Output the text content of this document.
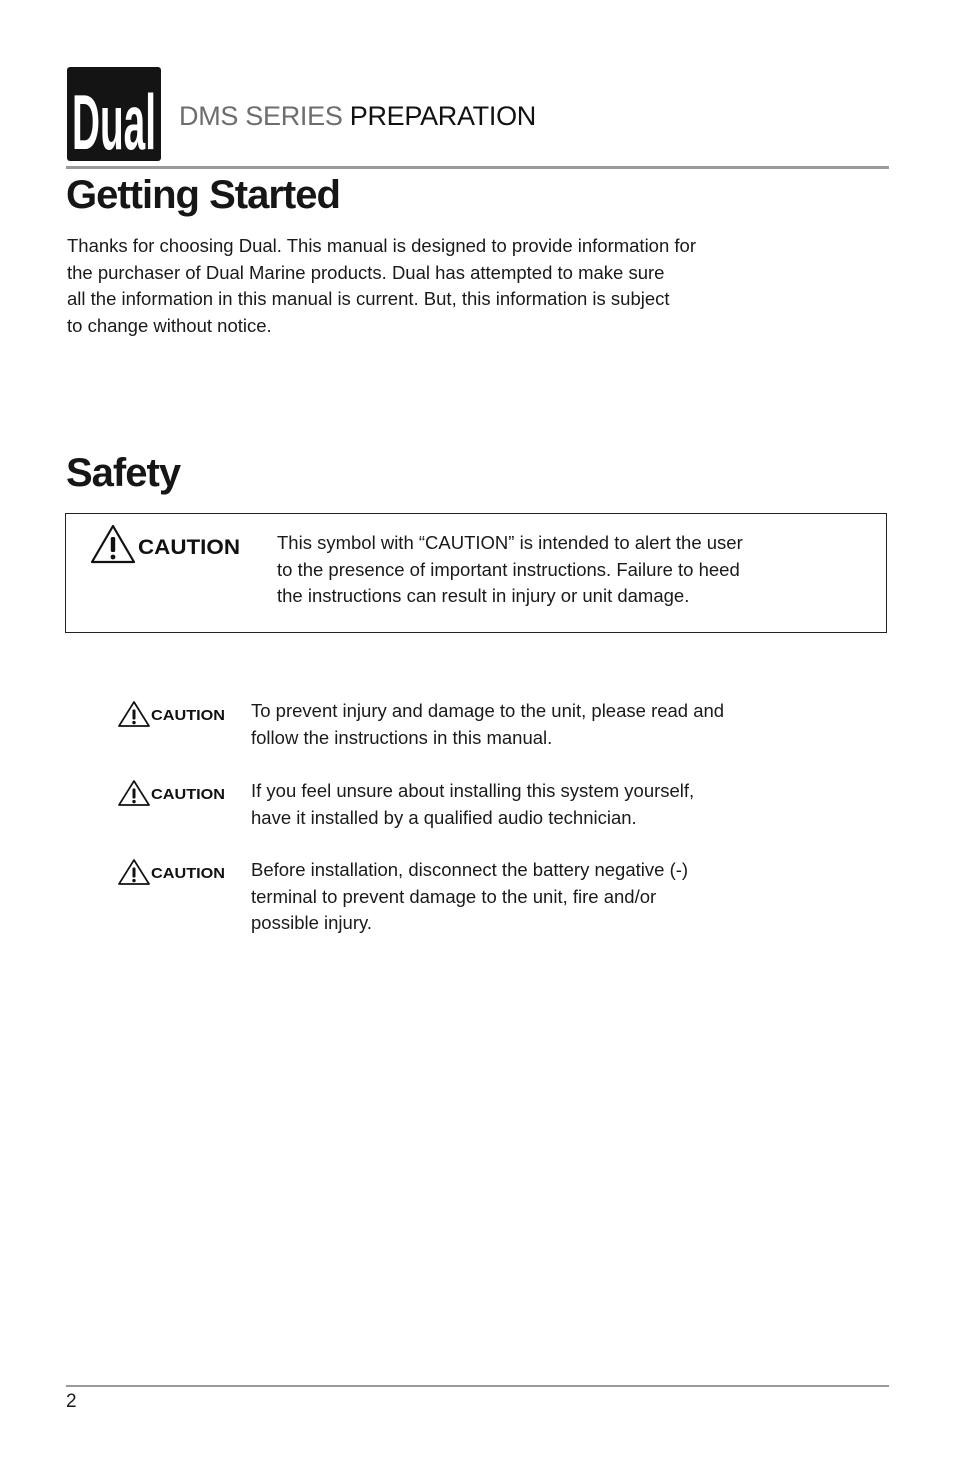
Dual DMS SERIES PREPARATION
Getting Started

Thanks for choosing Dual. This manual is designed to provide information for
the purchaser of Dual Marine products. Dual has attempted to make sure
all the information in this manual is current. But, this information is subject
to change without notice.

Safety
CAUTION This symbol with “CAUTION” is intended to alert the user
to the presence of important instructions. Failure to heed
the instructions can result in injury or unit damage.

CAUTION To prevent injury and damage to the unit, please read and
follow the instructions in this manual.

CAUTION If you feel unsure about installing this system yourself,
have it installed by a qualified audio technician.

CAUTION Before installation, disconnect the battery negative (-)
terminal to prevent damage to the unit, fire and/or
possible injury.

2
